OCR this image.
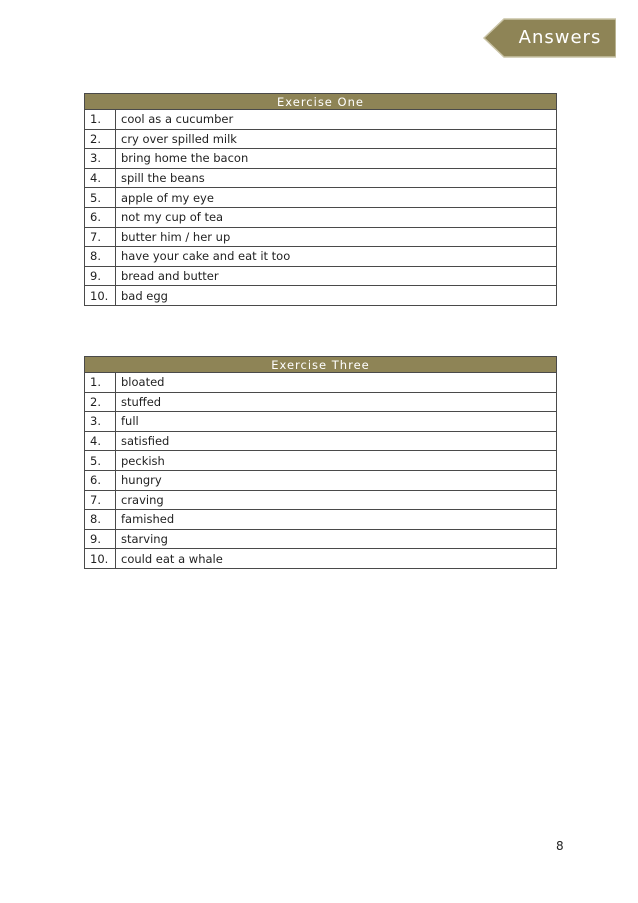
Answers
Exercise One	
1.	cool as a cucumber
2.	cry over spilled milk
3.	bring home the bacon
4.	spill the beans
5.	apple of my eye
6.	not my cup of tea
7.	butter him / her up
8.	have your cake and eat it too
9.	bread and butter
10.	bad egg
Exercise Three	
1.	bloated
2.	stuffed
3.	full
4.	satisfied
5.	peckish
6.	hungry
7.	craving
8.	famished
9.	starving
10.	could eat a whale
8
